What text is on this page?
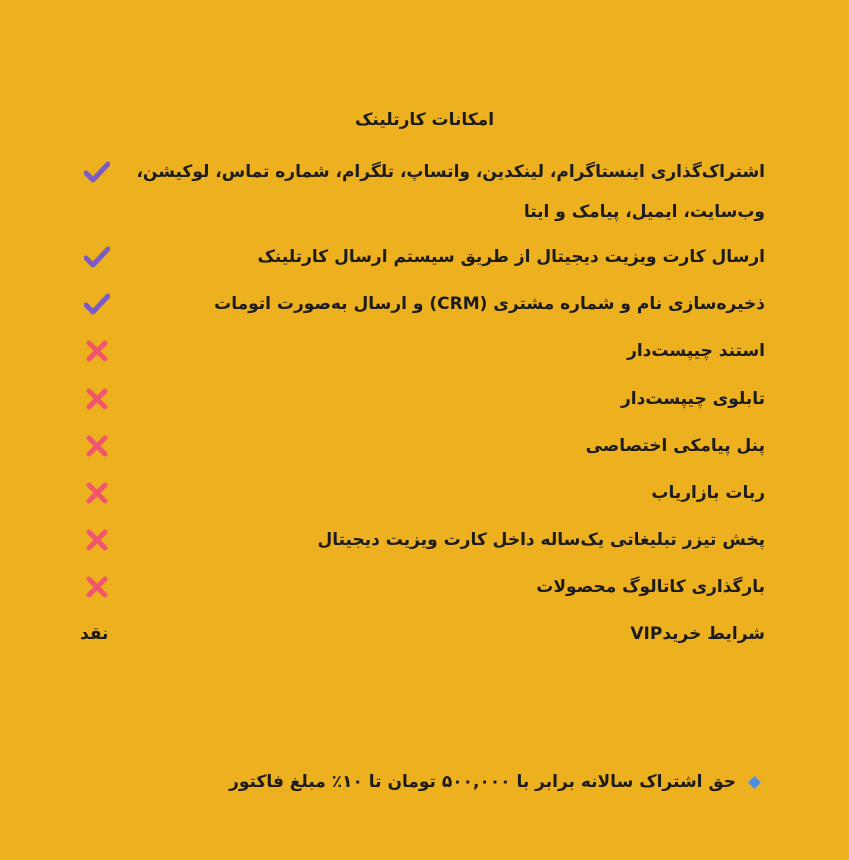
امکانات کارتلینک
اشتراک‌گذاری اینستاگرام، لینکدین، واتساپ، تلگرام، شماره تماس، لوکیشن، وب‌سایت، ایمیل، پیامک و ایتا
ارسال کارت ویزیت دیجیتال از طریق سیستم ارسال کارتلینک
ذخیره‌سازی نام و شماره مشتری (CRM) و ارسال به‌صورت اتومات
استند چیپست‌دار
تابلوی چیپست‌دار
پنل پیامکی اختصاصی
ربات بازاریاب
پخش تیزر تبلیغاتی یک‌ساله داخل کارت ویزیت دیجیتال
بارگذاری کاتالوگ محصولات
شرایط خریدVIP
نقد
حق اشتراک سالانه برابر با ۵۰۰,۰۰۰ تومان تا ۱۰٪ مبلغ فاکتور
